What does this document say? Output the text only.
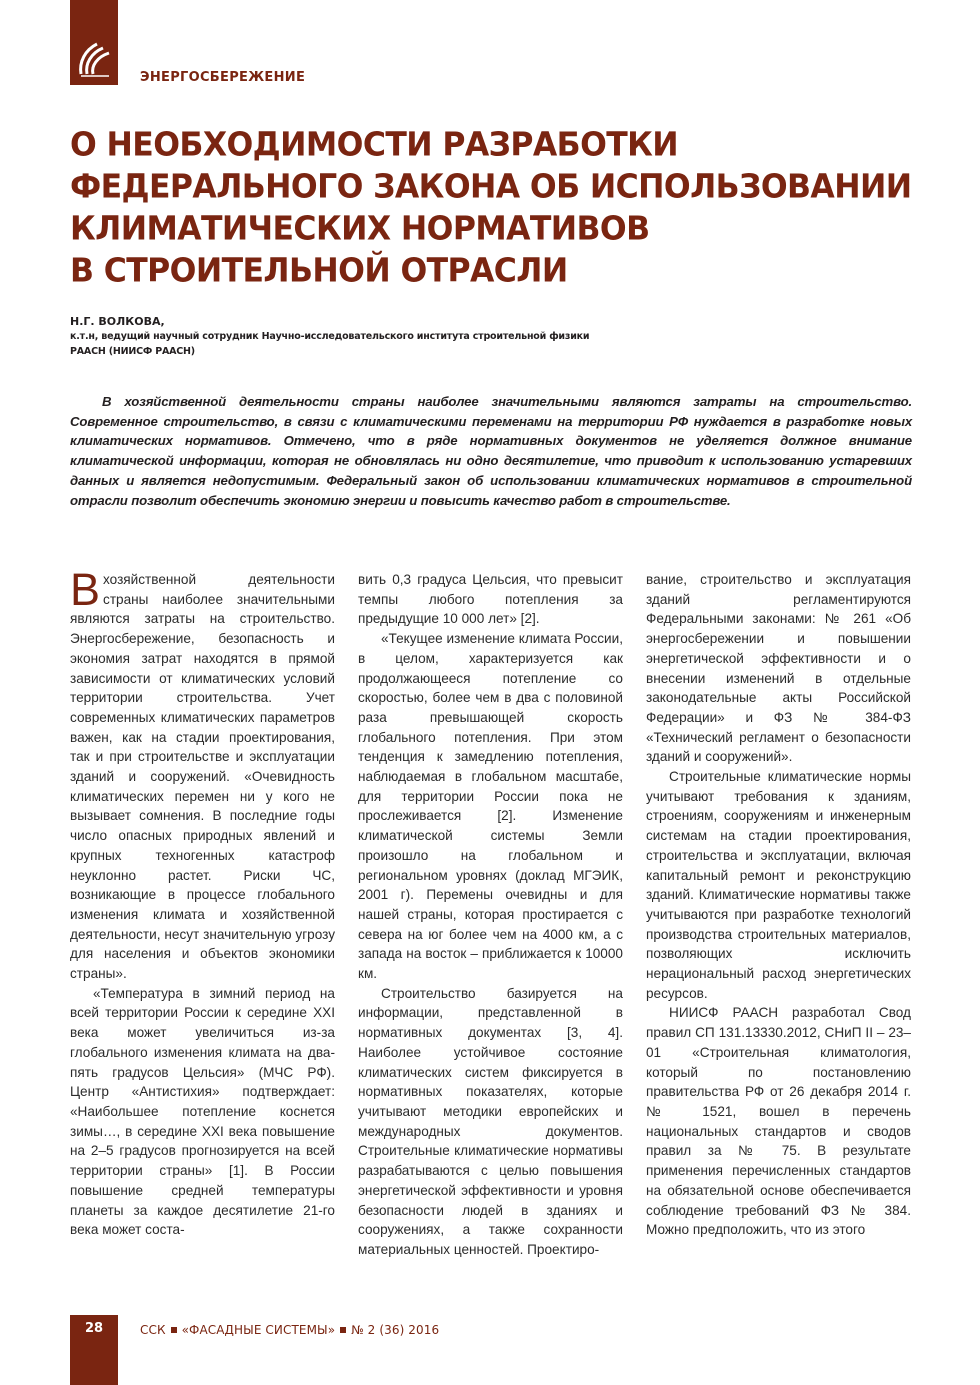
ЭНЕРГОСБЕРЕЖЕНИЕ
О НЕОБХОДИМОСТИ РАЗРАБОТКИ
ФЕДЕРАЛЬНОГО ЗАКОНА ОБ ИСПОЛЬЗОВАНИИ
КЛИМАТИЧЕСКИХ НОРМАТИВОВ
В СТРОИТЕЛЬНОЙ ОТРАСЛИ
Н.Г. ВОЛКОВА,
к.т.н, ведущий научный сотрудник Научно-исследовательского института строительной физики
РААСН (НИИСФ РААСН)

В хозяйственной деятельности страны наиболее значительными являются затраты на строительство. Современное строительство, в связи с климатическими переменами на территории РФ нуждается в разработке новых климатических нормативов. Отмечено, что в ряде нормативных документов не уделяется должное внимание климатической информации, которая не обновлялась ни одно десятилетие, что приводит к использованию устаревших данных и является недопустимым. Федеральный закон об использовании климатических нормативов в строительной отрасли позволит обеспечить экономию энергии и повысить качество работ в строительстве.

В хозяйственной деятельности страны наиболее значительными являются затраты на строительство. Энергосбережение, безопасность и экономия затрат находятся в прямой зависимости от климатических условий территории строительства. Учет современных климатических параметров важен, как на стадии проектирования, так и при строительстве и эксплуатации зданий и сооружений. «Очевидность климатических перемен ни у кого не вызывает сомнения. В последние годы число опасных природных явлений и крупных техногенных катастроф неуклонно растет. Риски ЧС, возникающие в процессе глобального изменения климата и хозяйственной деятельности, несут значительную угрозу для населения и объектов экономики страны».

«Температура в зимний период на всей территории России к середине XXI века может увеличиться из-за глобального изменения климата на два-пять градусов Цельсия» (МЧС РФ). Центр «Антистихия» подтверждает: «Наибольшее потепление коснется зимы…, в середине XXI века повышение на 2–5 градусов прогнозируется на всей территории страны» [1]. В России повышение средней температуры планеты за каждое десятилетие 21-го века может соста-

вить 0,3 градуса Цельсия, что превысит темпы любого потепления за предыдущие 10 000 лет» [2].

«Текущее изменение климата России, в целом, характеризуется как продолжающееся потепление со скоростью, более чем в два с половиной раза превышающей скорость глобального потепления. При этом тенденция к замедлению потепления, наблюдаемая в глобальном масштабе, для территории России пока не прослеживается [2]. Изменение климатической системы Земли произошло на глобальном и региональном уровнях (доклад МГЭИК, 2001 г). Перемены очевидны и для нашей страны, которая простирается с севера на юг более чем на 4000 км, а с запада на восток – приближается к 10000 км.

Строительство базируется на информации, представленной в нормативных документах [3, 4]. Наиболее устойчивое состояние климатических систем фиксируется в нормативных показателях, которые учитывают методики европейских и международных документов. Строительные климатические нормативы разрабатываются с целью повышения энергетической эффективности и уровня безопасности людей в зданиях и сооружениях, а также сохранности материальных ценностей. Проектиро-

вание, строительство и эксплуатация зданий регламентируются Федеральными законами: № 261 «Об энергосбережении и повышении энергетической эффективности и о внесении изменений в отдельные законодательные акты Российской Федерации» и ФЗ № 384-ФЗ «Технический регламент о безопасности зданий и сооружений».

Строительные климатические нормы учитывают требования к зданиям, строениям, сооружениям и инженерным системам на стадии проектирования, строительства и эксплуатации, включая капитальный ремонт и реконструкцию зданий. Климатические нормативы также учитываются при разработке технологий производства строительных материалов, позволяющих исключить нерациональный расход энергетических ресурсов.

НИИСФ РААСН разработал Свод правил СП 131.13330.2012, СНиП II – 23–01 «Строительная климатология, который по постановлению правительства РФ от 26 декабря 2014 г. № 1521, вошел в перечень национальных стандартов и сводов правил за № 75. В результате применения перечисленных стандартов на обязательной основе обеспечивается соблюдение требований ФЗ № 384. Можно предположить, что из этого

28	ССК «ФАСАДНЫЕ СИСТЕМЫ» № 2 (36) 2016
